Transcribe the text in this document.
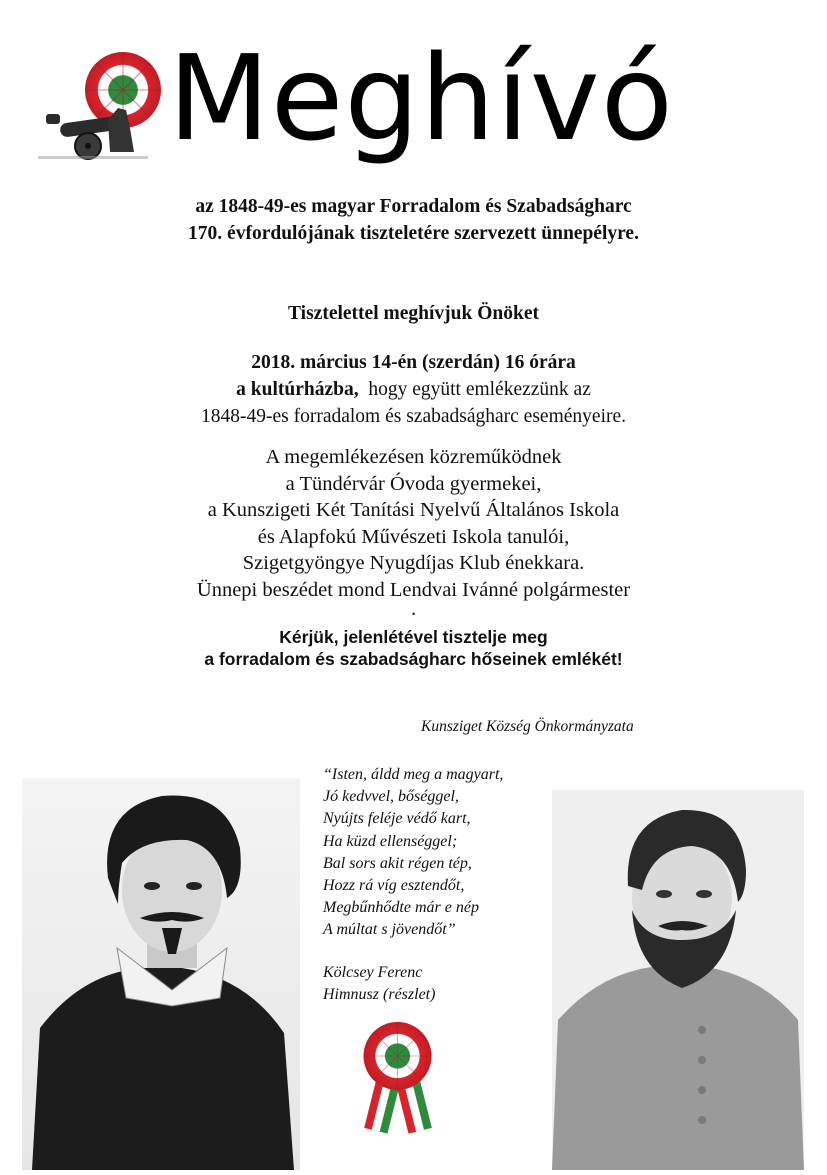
Meghívó
az 1848-49-es magyar Forradalom és Szabadságharc
170. évfordulójának tiszteletére szervezett ünnepélyre.
Tisztelettel meghívjuk Önöket
2018. március 14-én (szerdán) 16 órára
a kultúrházba,  hogy együtt emlékezzünk az
1848-49-es forradalom és szabadságharc eseményeire.
A megemlékezésen közreműködnek
a Tündérvár Óvoda gyermekei,
a Kunszigeti Két Tanítási Nyelvű Általános Iskola
és Alapfokú Művészeti Iskola tanulói,
Szigetgyöngye Nyugdíjas Klub énekkara.
Ünnepi beszédet mond Lendvai Ivánné polgármester
.
Kérjük, jelenlétével tisztelje meg
a forradalom és szabadságharc hőseinek emlékét!
Kunsziget Község Önkormányzata
“Isten, áldd meg a magyart,
Jó kedvvel, bőséggel,
Nyújts feléje védő kart,
Ha küzd ellenséggel;
Bal sors akit régen tép,
Hozz rá víg esztendőt,
Megbűnhődte már e nép
A múltat s jövendőt”
Kölcsey Ferenc
Himnusz (részlet)
